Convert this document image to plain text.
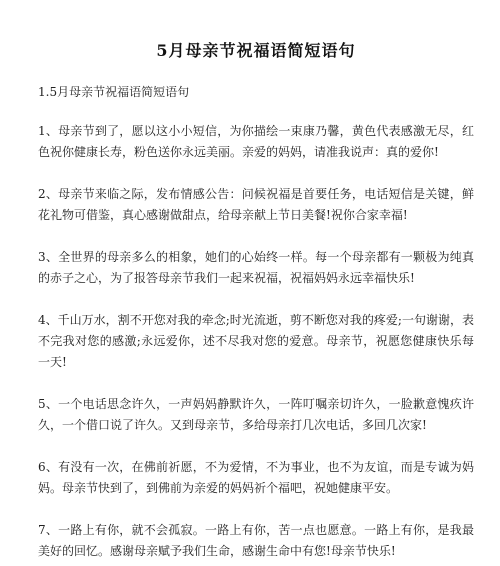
5月母亲节祝福语简短语句

1.5月母亲节祝福语简短语句

1、母亲节到了，愿以这小小短信，为你描绘一束康乃馨，黄色代表感激无尽，红色祝你健康长寿，粉色送你永远美丽。亲爱的妈妈，请准我说声：真的爱你!

2、母亲节来临之际，发布情感公告：问候祝福是首要任务，电话短信是关键，鲜花礼物可借鉴，真心感谢做甜点，给母亲献上节日美餐!祝你合家幸福!

3、全世界的母亲多么的相象，她们的心始终一样。每一个母亲都有一颗极为纯真的赤子之心，为了报答母亲节我们一起来祝福，祝福妈妈永远幸福快乐!

4、千山万水，割不开您对我的牵念;时光流逝，剪不断您对我的疼爱;一句谢谢，表不完我对您的感激;永远爱你，述不尽我对您的爱意。母亲节，祝愿您健康快乐每一天!

5、一个电话思念许久，一声妈妈静默许久，一阵叮嘱亲切许久，一脸歉意愧疚许久，一个借口说了许久。又到母亲节，多给母亲打几次电话，多回几次家!

6、有没有一次，在佛前祈愿，不为爱情，不为事业，也不为友谊，而是专诚为妈妈。母亲节快到了，到佛前为亲爱的妈妈祈个福吧，祝她健康平安。

7、一路上有你，就不会孤寂。一路上有你，苦一点也愿意。一路上有你，是我最美好的回忆。感谢母亲赋予我们生命，感谢生命中有您!母亲节快乐!
